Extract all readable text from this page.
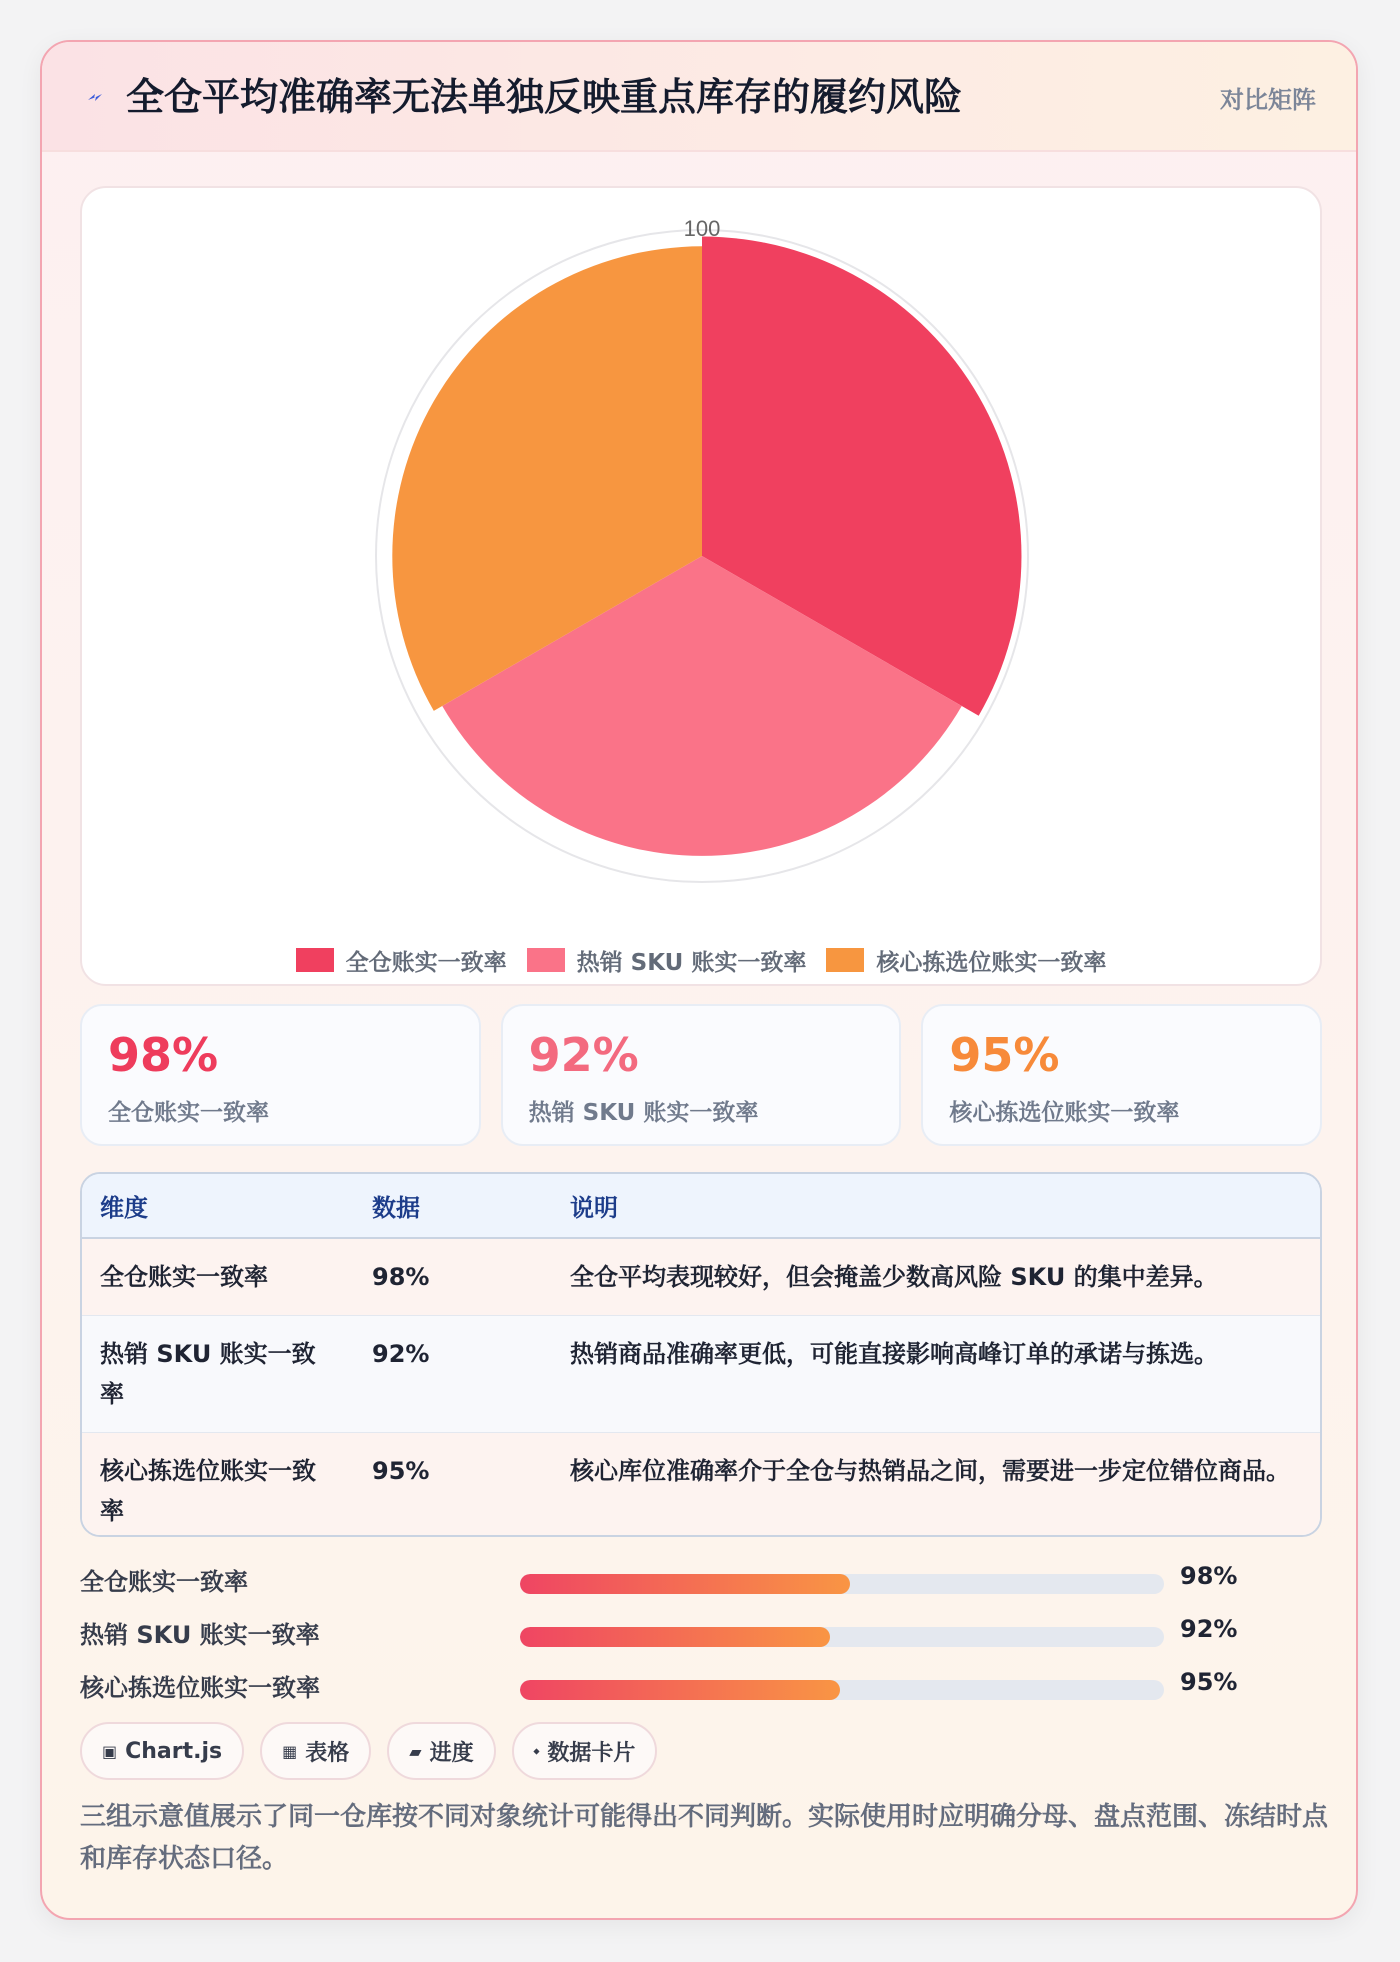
全仓平均准确率无法单独反映重点库存的履约风险	对比矩阵
100
全仓账实一致率	热销 SKU 账实一致率	核心拣选位账实一致率
98%
全仓账实一致率
92%
热销 SKU 账实一致率
95%
核心拣选位账实一致率
维度	数据	说明
全仓账实一致率	98%	全仓平均表现较好，但会掩盖少数高风险 SKU 的集中差异。
热销 SKU 账实一致率	92%	热销商品准确率更低，可能直接影响高峰订单的承诺与拣选。
核心拣选位账实一致率	95%	核心库位准确率介于全仓与热销品之间，需要进一步定位错位商品。
全仓账实一致率	98%
热销 SKU 账实一致率	92%
核心拣选位账实一致率	95%
▣ Chart.js	▦ 表格	▰ 进度	⬩ 数据卡片
三组示意值展示了同一仓库按不同对象统计可能得出不同判断。实际使用时应明确分母、盘点范围、冻结时点和库存状态口径。
